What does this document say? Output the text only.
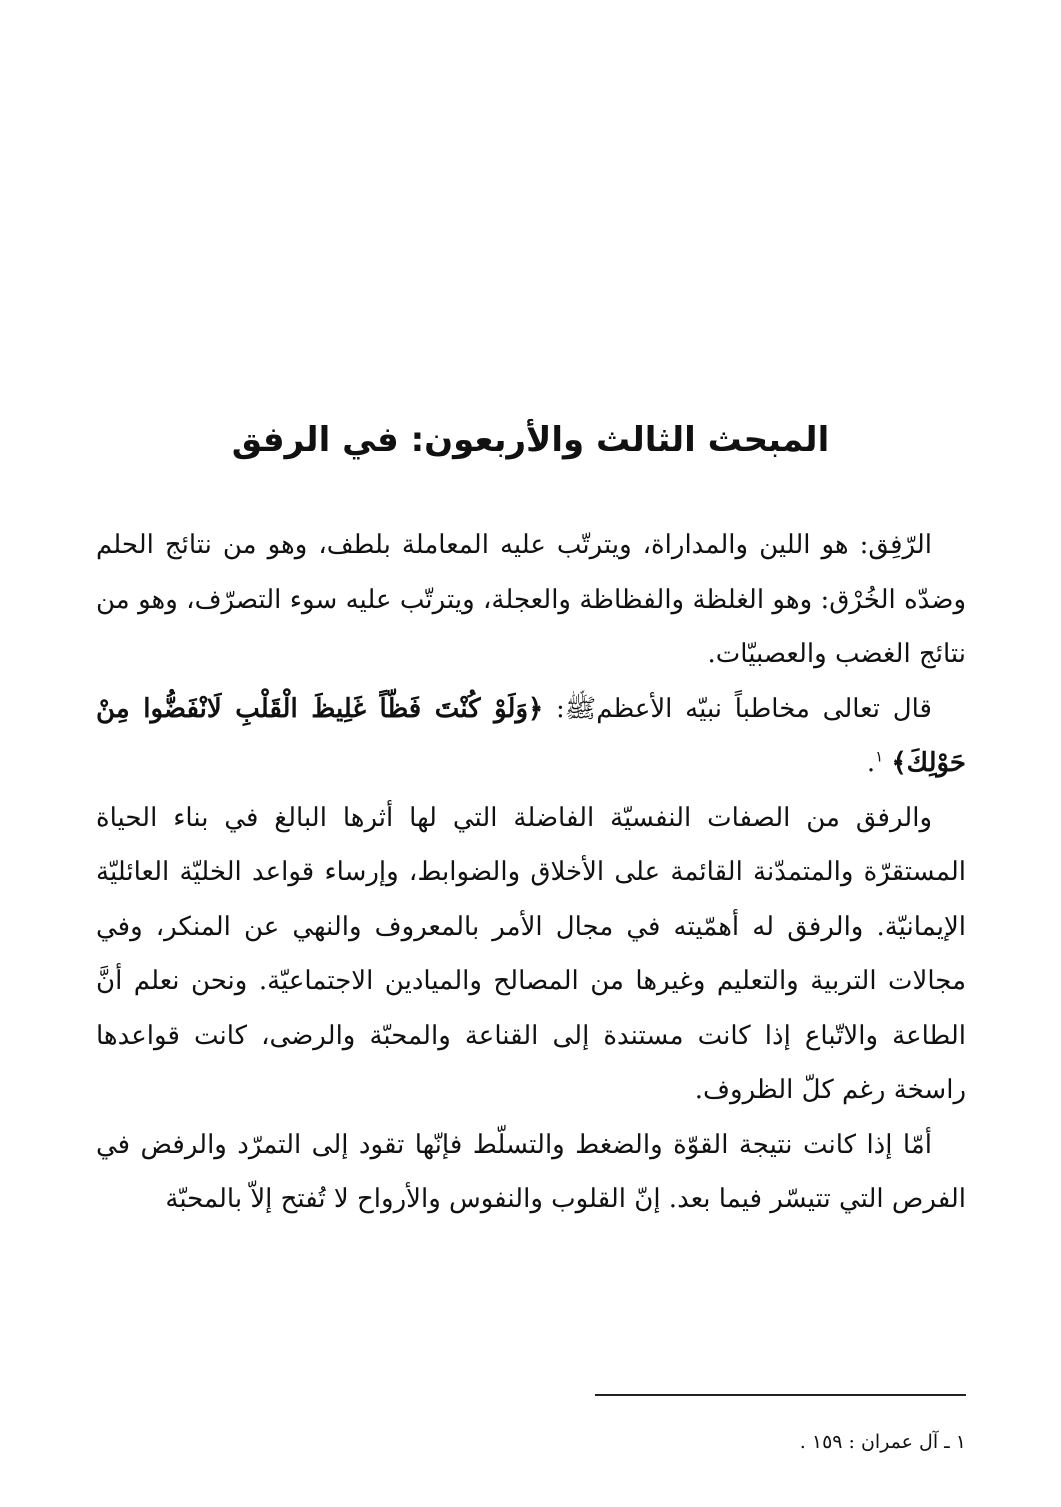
المبحث الثالث والأربعون: في الرفق

الرّفِق: هو اللين والمداراة، ويترتّب عليه المعاملة بلطف، وهو من نتائج الحلم وضدّه الخُرْق: وهو الغلظة والفظاظة والعجلة، ويترتّب عليه سوء التصرّف، وهو من نتائج الغضب والعصبيّات.

قال تعالى مخاطباً نبيّه الأعظمﷺ: ﴿وَلَوْ كُنْتَ فَظّاً غَلِيظَ الْقَلْبِ لَانْفَضُّوا مِنْ حَوْلِكَ﴾ $^١$.

والرفق من الصفات النفسيّة الفاضلة التي لها أثرها البالغ في بناء الحياة المستقرّة والمتمدّنة القائمة على الأخلاق والضوابط، وإرساء قواعد الخليّة العائليّة الإيمانيّة. والرفق له أهمّيته في مجال الأمر بالمعروف والنهي عن المنكر، وفي مجالات التربية والتعليم وغيرها من المصالح والميادين الاجتماعيّة. ونحن نعلم أنَّ الطاعة والاتّباع إذا كانت مستندة إلى القناعة والمحبّة والرضى، كانت قواعدها راسخة رغم كلّ الظروف.

أمّا إذا كانت نتيجة القوّة والضغط والتسلّط فإنّها تقود إلى التمرّد والرفض في الفرص التي تتيسّر فيما بعد. إنّ القلوب والنفوس والأرواح لا تُفتح إلاّ بالمحبّة

١ ـ آل عمران : ١٥٩ .
